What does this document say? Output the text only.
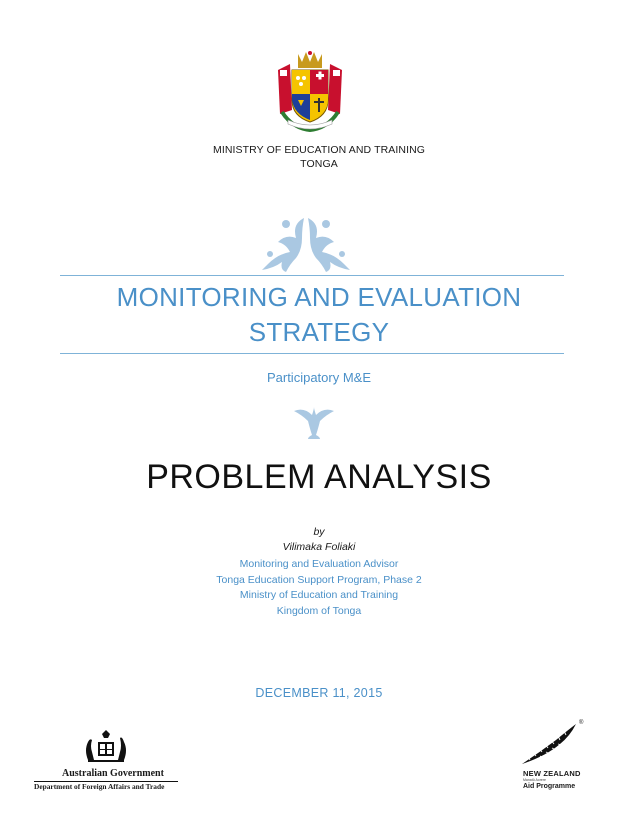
MINISTRY OF EDUCATION AND TRAINING
TONGA
MONITORING AND EVALUATION
STRATEGY
Participatory M&E
PROBLEM ANALYSIS
by
Vilimaka Foliaki
Monitoring and Evaluation Advisor
Tonga Education Support Program, Phase 2
Ministry of Education and Training
Kingdom of Tonga
DECEMBER 11, 2015
Australian Government
Department of Foreign Affairs and Trade
®
NEW ZEALAND
Manatū Aorere
Aid Programme
